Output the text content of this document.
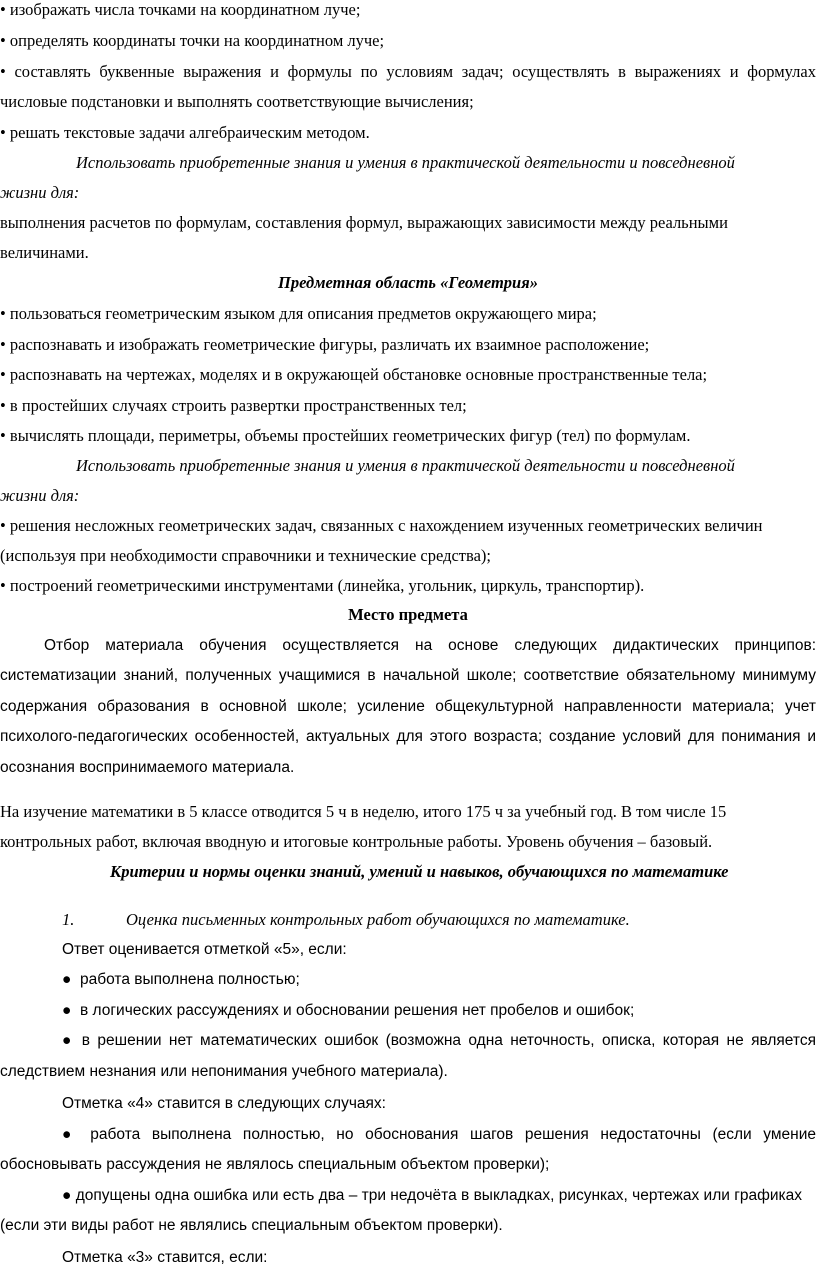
• изображать числа точками на координатном луче;
• определять координаты точки на координатном луче;
• составлять буквенные выражения и формулы по условиям задач; осуществлять в выражениях и формулах
числовые подстановки и выполнять соответствующие вычисления;
• решать текстовые задачи алгебраическим методом.
Использовать приобретенные знания и умения в практической деятельности и повседневной
жизни для:
выполнения расчетов по формулам, составления формул, выражающих зависимости между реальными
величинами.
Предметная область «Геометрия»
• пользоваться геометрическим языком для описания предметов окружающего мира;
• распознавать и изображать геометрические фигуры, различать их взаимное расположение;
• распознавать на чертежах, моделях и в окружающей обстановке основные пространственные тела;
• в простейших случаях строить развертки пространственных тел;
• вычислять площади, периметры, объемы простейших геометрических фигур (тел) по формулам.
Использовать приобретенные знания и умения в практической деятельности и повседневной
жизни для:
• решения несложных геометрических задач, связанных с нахождением изученных геометрических величин
(используя при необходимости справочники и технические средства);
• построений геометрическими инструментами (линейка, угольник, циркуль, транспортир).
Место предмета
Отбор материала обучения осуществляется на основе следующих дидактических принципов:
систематизации знаний, полученных учащимися в начальной школе; соответствие обязательному минимуму
содержания образования в основной школе; усиление общекультурной направленности материала; учет
психолого-педагогических особенностей, актуальных для этого возраста; создание условий для понимания и
осознания воспринимаемого материала.
На изучение математики в 5 классе отводится 5 ч в неделю, итого 175 ч за учебный год. В том числе 15
контрольных работ, включая вводную и итоговые контрольные работы. Уровень обучения – базовый.
Критерии и нормы оценки знаний, умений и навыков, обучающихся по математике
1.	Оценка письменных контрольных работ обучающихся по математике.
Ответ оценивается отметкой «5», если:
● работа выполнена полностью;
● в логических рассуждениях и обосновании решения нет пробелов и ошибок;
● в решении нет математических ошибок (возможна одна неточность, описка, которая не является
следствием незнания или непонимания учебного материала).
Отметка «4» ставится в следующих случаях:
● работа выполнена полностью, но обоснования шагов решения недостаточны (если умение
обосновывать рассуждения не являлось специальным объектом проверки);
● допущены одна ошибка или есть два – три недочёта в выкладках, рисунках, чертежах или графиках
(если эти виды работ не являлись специальным объектом проверки).
Отметка «3» ставится, если:
